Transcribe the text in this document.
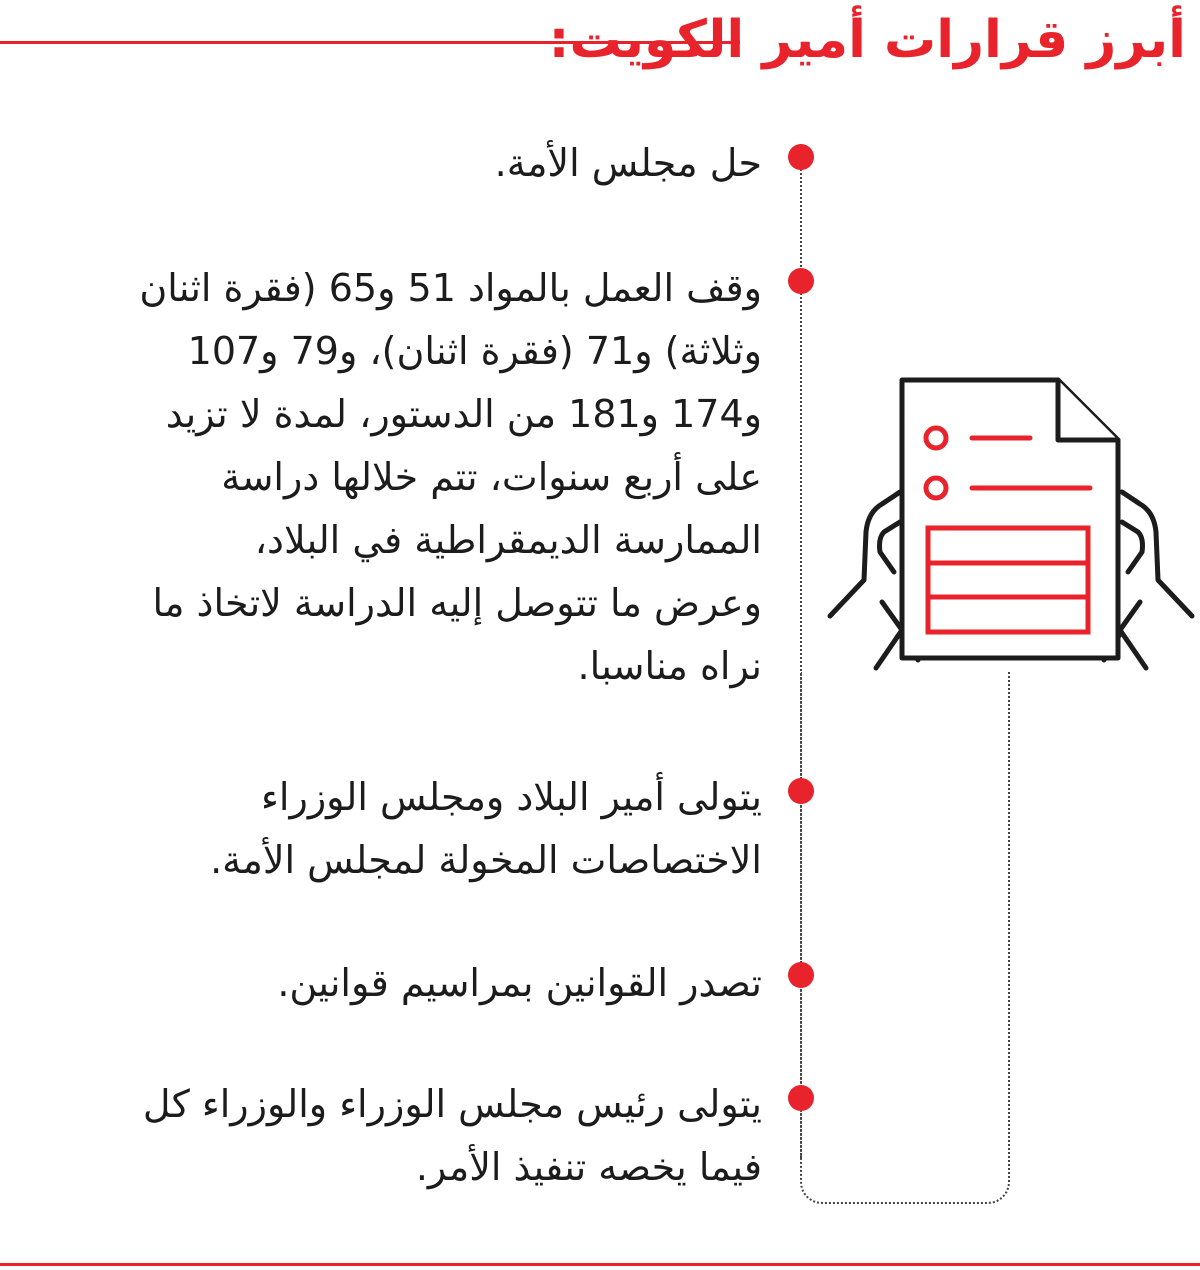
أبرز قرارات أمير الكويت:

حل مجلس الأمة.

وقف العمل بالمواد 51 و65 (فقرة اثنان
وثلاثة) و71 (فقرة اثنان)، و79 و107
و174 و181 من الدستور، لمدة لا تزيد
على أربع سنوات، تتم خلالها دراسة
الممارسة الديمقراطية في البلاد،
وعرض ما تتوصل إليه الدراسة لاتخاذ ما
نراه مناسبا.

يتولى أمير البلاد ومجلس الوزراء
الاختصاصات المخولة لمجلس الأمة.

تصدر القوانين بمراسيم قوانين.

يتولى رئيس مجلس الوزراء والوزراء كل
فيما يخصه تنفيذ الأمر.
